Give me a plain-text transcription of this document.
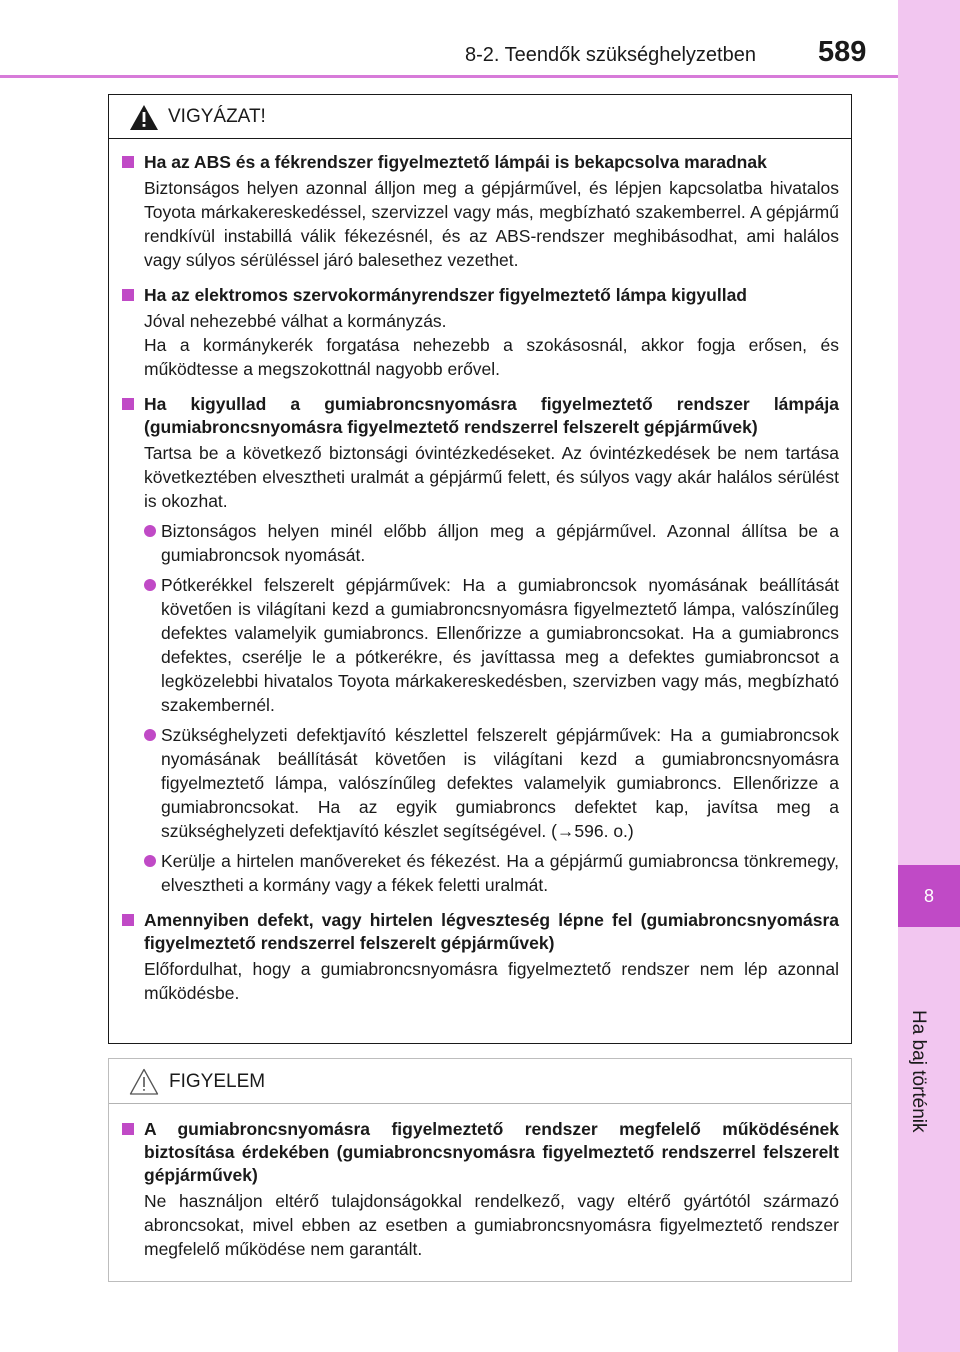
8-2. Teendők szükséghelyzetben 589
8
Ha baj történik
VIGYÁZAT!
Ha az ABS és a fékrendszer figyelmeztető lámpái is bekapcsolva maradnak
Biztonságos helyen azonnal álljon meg a gépjárművel, és lépjen kapcsolatba hivatalos Toyota márkakereskedéssel, szervizzel vagy más, megbízható szakemberrel. A gépjármű rendkívül instabillá válik fékezésnél, és az ABS-rendszer meghibásodhat, ami halálos vagy súlyos sérüléssel járó balesethez vezethet.
Ha az elektromos szervokormányrendszer figyelmeztető lámpa kigyullad
Jóval nehezebbé válhat a kormányzás.
Ha a kormánykerék forgatása nehezebb a szokásosnál, akkor fogja erősen, és működtesse a megszokottnál nagyobb erővel.
Ha kigyullad a gumiabroncsnyomásra figyelmeztető rendszer lámpája (gumiabroncsnyomásra figyelmeztető rendszerrel felszerelt gépjárművek)
Tartsa be a következő biztonsági óvintézkedéseket. Az óvintézkedések be nem tartása következtében elvesztheti uralmát a gépjármű felett, és súlyos vagy akár halálos sérülést is okozhat.
Biztonságos helyen minél előbb álljon meg a gépjárművel. Azonnal állítsa be a gumiabroncsok nyomását.
Pótkerékkel felszerelt gépjárművek: Ha a gumiabroncsok nyomásának beállítását követően is világítani kezd a gumiabroncsnyomásra figyelmeztető lámpa, valószínűleg defektes valamelyik gumiabroncs. Ellenőrizze a gumiabroncsokat. Ha a gumiabroncs defektes, cserélje le a pótkerékre, és javíttassa meg a defektes gumiabroncsot a legközelebbi hivatalos Toyota márkakereskedésben, szervizben vagy más, megbízható szakembernél.
Szükséghelyzeti defektjavító készlettel felszerelt gépjárművek: Ha a gumiabroncsok nyomásának beállítását követően is világítani kezd a gumiabroncsnyomásra figyelmeztető lámpa, valószínűleg defektes valamelyik gumiabroncs. Ellenőrizze a gumiabroncsokat. Ha az egyik gumiabroncs defektet kap, javítsa meg a szükséghelyzeti defektjavító készlet segítségével. (→596. o.)
Kerülje a hirtelen manővereket és fékezést. Ha a gépjármű gumiabroncsa tönkremegy, elvesztheti a kormány vagy a fékek feletti uralmát.
Amennyiben defekt, vagy hirtelen légveszteség lépne fel (gumiabroncsnyomásra figyelmeztető rendszerrel felszerelt gépjárművek)
Előfordulhat, hogy a gumiabroncsnyomásra figyelmeztető rendszer nem lép azonnal működésbe.
FIGYELEM
A gumiabroncsnyomásra figyelmeztető rendszer megfelelő működésének biztosítása érdekében (gumiabroncsnyomásra figyelmeztető rendszerrel felszerelt gépjárművek)
Ne használjon eltérő tulajdonságokkal rendelkező, vagy eltérő gyártótól származó abroncsokat, mivel ebben az esetben a gumiabroncsnyomásra figyelmeztető rendszer megfelelő működése nem garantált.
